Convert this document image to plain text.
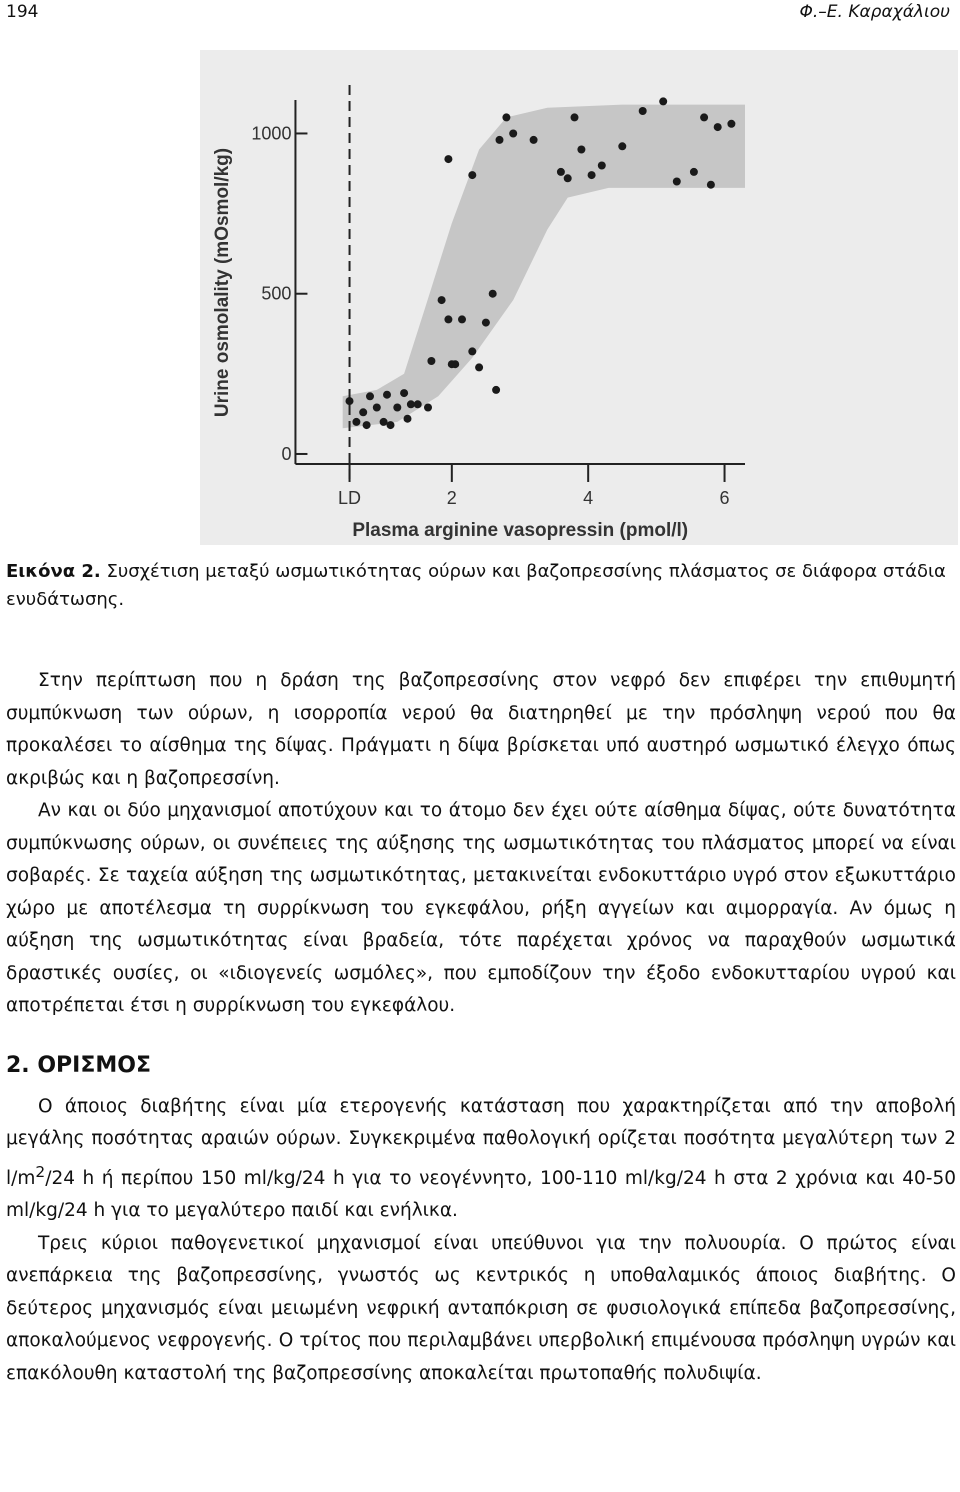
194	Φ.–Ε. Καραχάλιου
0
500
1000
LD	2	4	6
Urine osmolality (mOsmol/kg)
Plasma arginine vasopressin (pmol/l)
Εικόνα 2. Συσχέτιση μεταξύ ωσμωτικότητας ούρων και βαζοπρεσσίνης πλάσματος σε διάφορα στάδια ενυδάτωσης.

Στην περίπτωση που η δράση της βαζοπρεσσίνης στον νεφρό δεν επιφέρει την επιθυμητή συμπύκνωση των ούρων, η ισορροπία νερού θα διατηρηθεί με την πρόσληψη νερού που θα προκαλέσει το αίσθημα της δίψας. Πράγματι η δίψα βρίσκεται υπό αυστηρό ωσμωτικό έλεγχο όπως ακριβώς και η βαζοπρεσσίνη.

Αν και οι δύο μηχανισμοί αποτύχουν και το άτομο δεν έχει ούτε αίσθημα δίψας, ούτε δυνατότητα συμπύκνωσης ούρων, οι συνέπειες της αύξησης της ωσμωτικότητας του πλάσματος μπορεί να είναι σοβαρές. Σε ταχεία αύξηση της ωσμωτικότητας, μετακινείται ενδοκυττάριο υγρό στον εξωκυττάριο χώρο με αποτέλεσμα τη συρρίκνωση του εγκεφάλου, ρήξη αγγείων και αιμορραγία. Αν όμως η αύξηση της ωσμωτικότητας είναι βραδεία, τότε παρέχεται χρόνος να παραχθούν ωσμωτικά δραστικές ουσίες, οι «ιδιογενείς ωσμόλες», που εμποδίζουν την έξοδο ενδοκυτταρίου υγρού και αποτρέπεται έτσι η συρρίκνωση του εγκεφάλου.

2. ΟΡΙΣΜΟΣ

Ο άποιος διαβήτης είναι μία ετερογενής κατάσταση που χαρακτηρίζεται από την αποβολή μεγάλης ποσότητας αραιών ούρων. Συγκεκριμένα παθολογική ορίζεται ποσότητα μεγαλύτερη των 2 $l/m^2/24$ h ή περίπου 150 ml/kg/24 h για το νεογέννητο, 100-110 ml/kg/24 h στα 2 χρόνια και 40-50 ml/kg/24 h για το μεγαλύτερο παιδί και ενήλικα.

Τρεις κύριοι παθογενετικοί μηχανισμοί είναι υπεύθυνοι για την πολυουρία. Ο πρώτος είναι ανεπάρκεια της βαζοπρεσσίνης, γνωστός ως κεντρικός η υποθαλαμικός άποιος διαβήτης. Ο δεύτερος μηχανισμός είναι μειωμένη νεφρική ανταπόκριση σε φυσιολογικά επίπεδα βαζοπρεσσίνης, αποκαλούμενος νεφρογενής. Ο τρίτος που περιλαμβάνει υπερβολική επιμένουσα πρόσληψη υγρών και επακόλουθη καταστολή της βαζοπρεσσίνης αποκαλείται πρωτοπαθής πολυδιψία.
